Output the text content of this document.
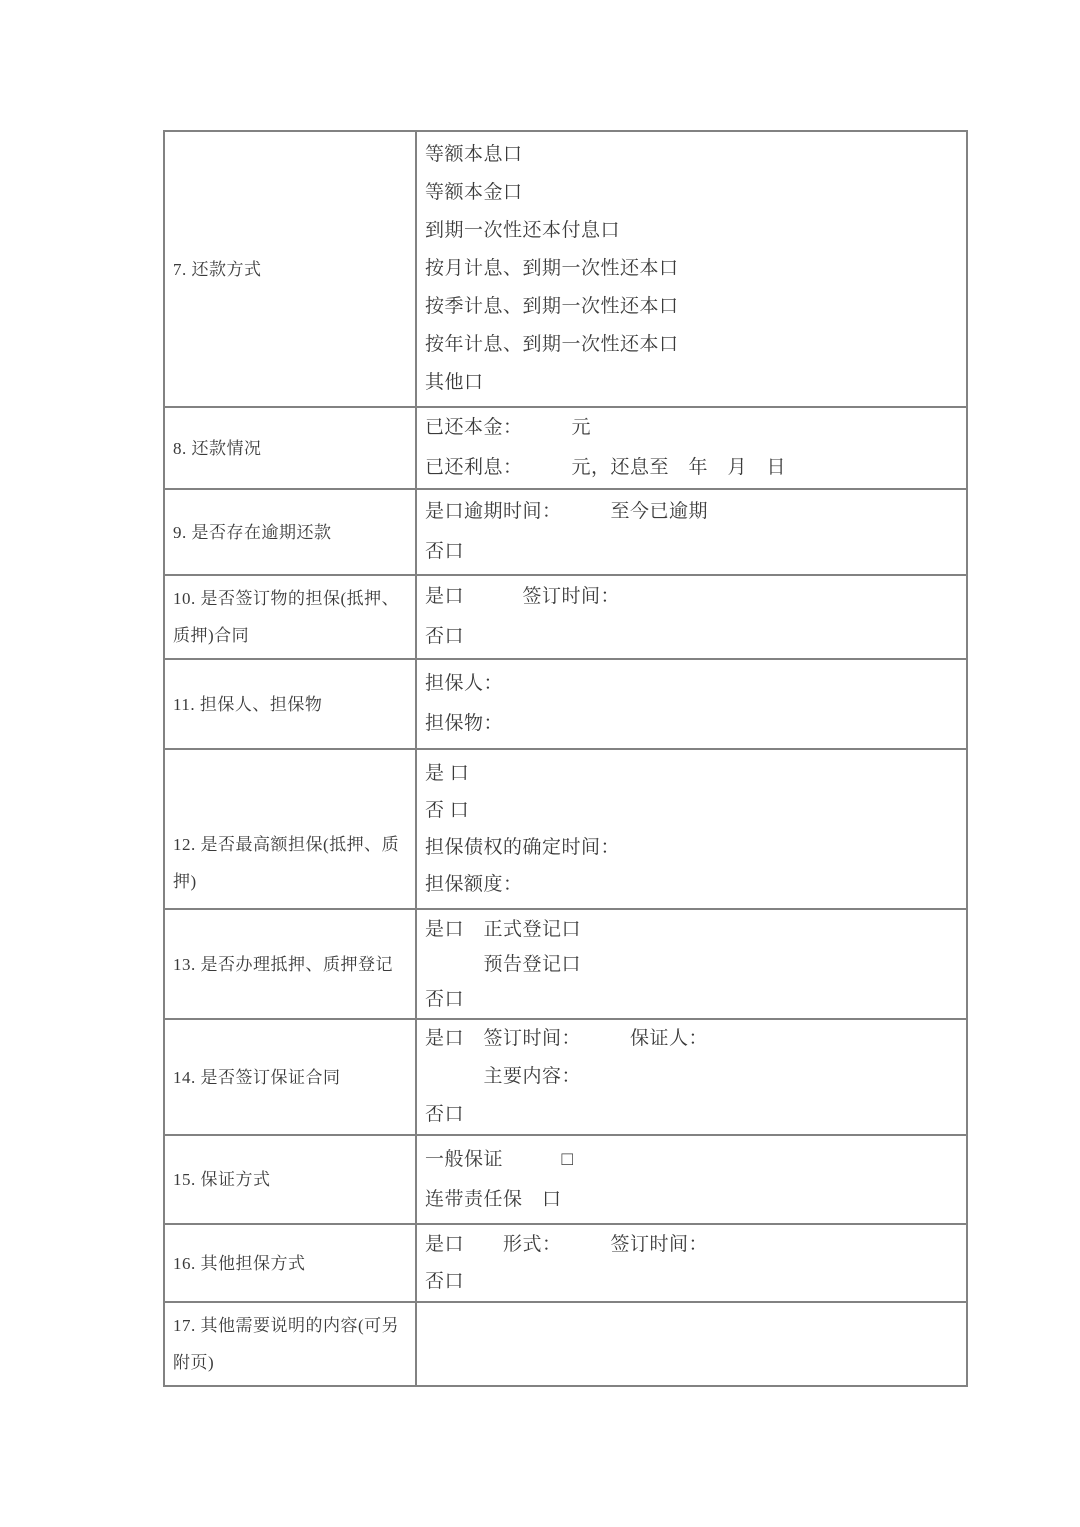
7. 还款方式
等额本息口
等额本金口
到期一次性还本付息口
按月计息、到期一次性还本口
按季计息、到期一次性还本口
按年计息、到期一次性还本口
其他口
8. 还款情况
已还本金：　　　元
已还利息：　　　元，还息至　年　月　日
9. 是否存在逾期还款
是口逾期时间：　　　至今已逾期
否口
10. 是否签订物的担保(抵押、质押)合同
是口　　　签订时间：
否口
11. 担保人、担保物
担保人：
担保物：
12. 是否最高额担保(抵押、质押)
是 口
否 口
担保债权的确定时间：
担保额度：
13. 是否办理抵押、质押登记
是口　正式登记口
　　　预告登记口
否口
14. 是否签订保证合同
是口　签订时间：　　　保证人：
　　　主要内容：
否口
15. 保证方式
一般保证　　　□
连带责任保　口
16. 其他担保方式
是口　　形式：　　　签订时间：
否口
17. 其他需要说明的内容(可另附页)
